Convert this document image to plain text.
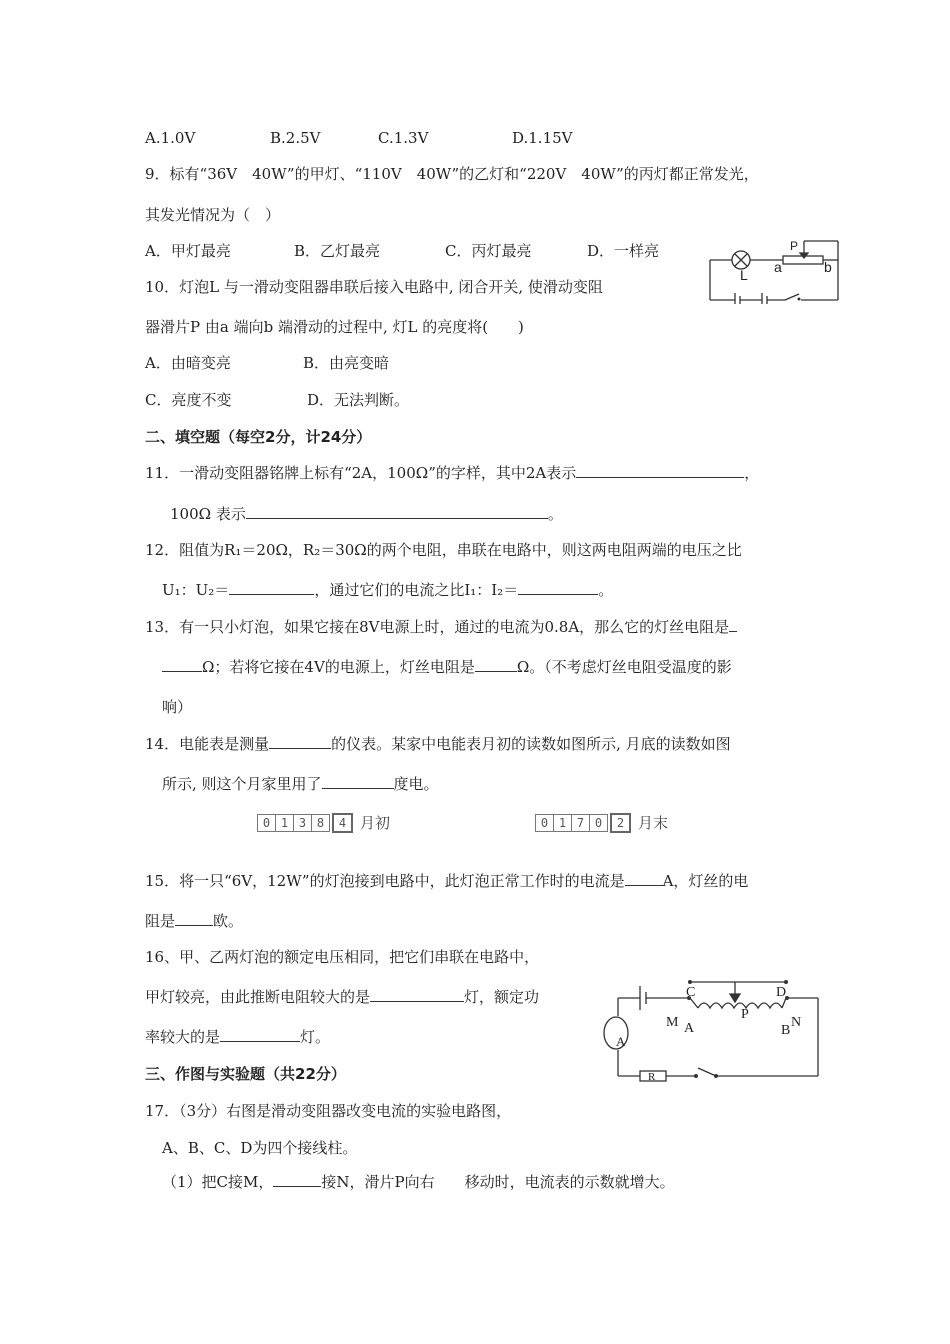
A.1.0V	B.2.5V	C.1.3V	D.1.15V
9．标有“36V　40W”的甲灯、“110V　40W”的乙灯和“220V　40W”的丙灯都正常发光，
其发光情况为（　）
A．甲灯最亮	B．乙灯最亮	C．丙灯最亮	D．一样亮
10．灯泡L 与一滑动变阻器串联后接入电路中, 闭合开关, 使滑动变阻
器滑片P 由a 端向b 端滑动的过程中, 灯L 的亮度将(　　)
A．由暗变亮	B．由亮变暗
C．亮度不变	D．无法判断。
L
P
a	b
二、填空题（每空2分，计24分）
11．一滑动变阻器铭牌上标有“2A，100Ω”的字样，其中2A表示	，
100Ω 表示	。
12．阻值为R₁＝20Ω，R₂＝30Ω的两个电阻，串联在电路中，则这两电阻两端的电压之比
U₁：U₂＝	，通过它们的电流之比I₁：I₂＝	。
13．有一只小灯泡，如果它接在8V电源上时，通过的电流为0.8A，那么它的灯丝电阻是
Ω；若将它接在4V的电源上，灯丝电阻是	Ω。（不考虑灯丝电阻受温度的影
响）
14．电能表是测量	的仪表。某家中电能表月初的读数如图所示, 月底的读数如图
所示, 则这个月家里用了	度电。
0 1 3 8	4 月初	0 1 7 0	2 月末
15．将一只“6V，12W”的灯泡接到电路中，此灯泡正常工作时的电流是	A，灯丝的电
阻是	欧。
16、甲、乙两灯泡的额定电压相同，把它们串联在电路中，
甲灯较亮，由此推断电阻较大的是	灯，额定功
率较大的是	灯。
C	D
M A
P
B
N
A
R
三、作图与实验题（共22分）
17．（3分）右图是滑动变阻器改变电流的实验电路图，
A、B、C、D为四个接线柱。
（1）把C接M，	接N，滑片P向右　　移动时，电流表的示数就增大。
